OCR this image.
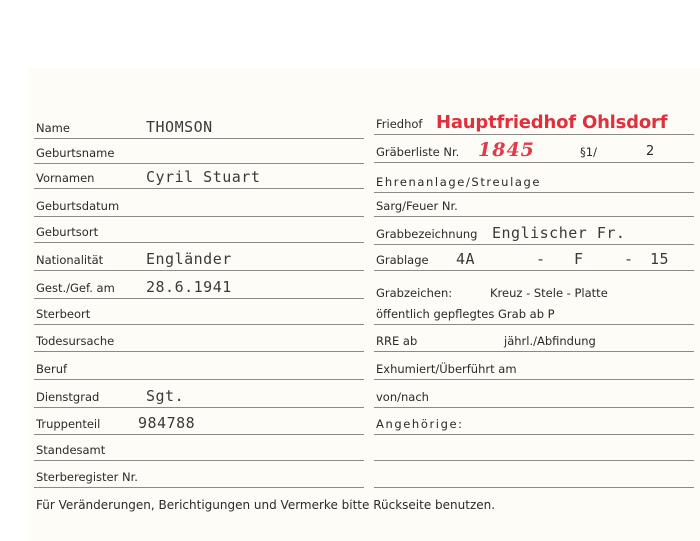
Name	THOMSON
Geburtsname
Vornamen	Cyril Stuart
Geburtsdatum
Geburtsort
Nationalität	Engländer
Gest./Gef. am 28.6.1941
Sterbeort
Todesursache
Beruf
Dienstgrad	Sgt.
Truppenteil	984788
Standesamt
Sterberegister Nr.
Friedhof Hauptfriedhof Ohlsdorf
Gräberliste Nr. 1845	§1/	2
Ehrenanlage/Streulage
Sarg/Feuer Nr.
Grabbezeichnung Englischer Fr.
Grablage 4A	- F	- 15
Grabzeichen:	Kreuz - Stele - Platte
öffentlich gepflegtes Grab ab P
RRE ab	jährl./Abfindung
Exhumiert/Überführt am
von/nach
Angehörige:
Für Veränderungen, Berichtigungen und Vermerke bitte Rückseite benutzen.
